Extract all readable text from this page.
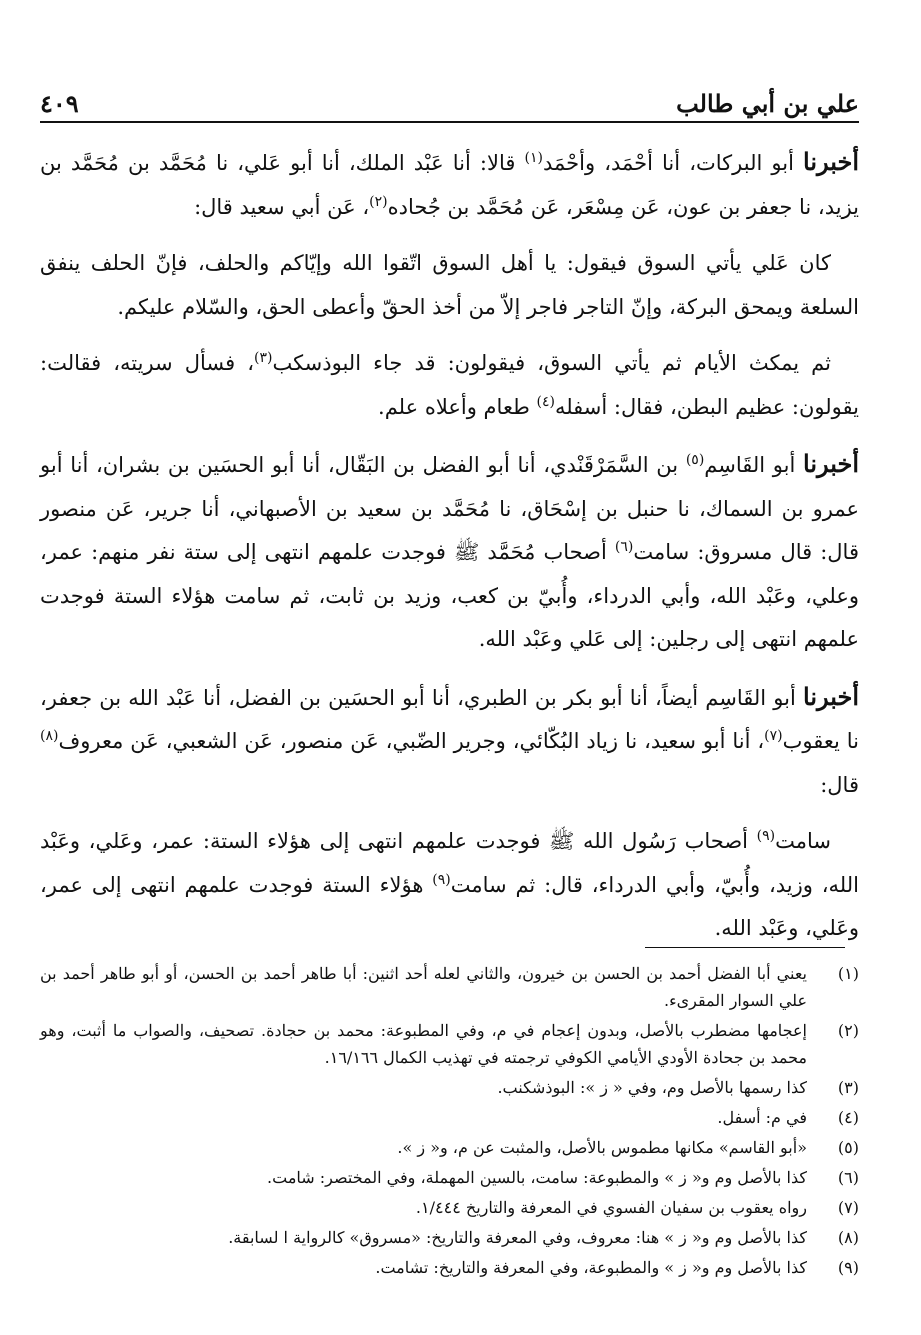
٤٠٩	علي بن أبي طالب

أخبرنا أبو البركات، أنا أحْمَد، وأحْمَد$^{(١)}$ قالا: أنا عَبْد الملك، أنا أبو عَلي، نا مُحَمَّد بن مُحَمَّد بن يزيد، نا جعفر بن عون، عَن مِسْعَر، عَن مُحَمَّد بن جُحاده$^{(٢)}$، عَن أبي سعيد قال:

كان عَلي يأتي السوق فيقول: يا أهل السوق اتّقوا الله وإيّاكم والحلف، فإنّ الحلف ينفق السلعة ويمحق البركة، وإنّ التاجر فاجر إلاّ من أخذ الحقّ وأعطى الحق، والسّلام عليكم.

ثم يمكث الأيام ثم يأتي السوق، فيقولون: قد جاء البوذسكب$^{(٣)}$، فسأل سريته، فقالت: يقولون: عظيم البطن، فقال: أسفله$^{(٤)}$ طعام وأعلاه علم.

أخبرنا أبو القَاسِم$^{(٥)}$ بن السَّمَرْقَنْدي، أنا أبو الفضل بن البَقّال، أنا أبو الحسَين بن بشران، أنا أبو عمرو بن السماك، نا حنبل بن إسْحَاق، نا مُحَمَّد بن سعيد بن الأصبهاني، أنا جرير، عَن منصور قال: قال مسروق: سامت$^{(٦)}$ أصحاب مُحَمَّد ﷺ فوجدت علمهم انتهى إلى ستة نفر منهم: عمر، وعلي، وعَبْد الله، وأبي الدرداء، وأُبيّ بن كعب، وزيد بن ثابت، ثم سامت هؤلاء الستة فوجدت علمهم انتهى إلى رجلين: إلى عَلي وعَبْد الله.

أخبرنا أبو القَاسِم أيضاً، أنا أبو بكر بن الطبري، أنا أبو الحسَين بن الفضل، أنا عَبْد الله بن جعفر، نا يعقوب$^{(٧)}$، أنا أبو سعيد، نا زياد البُكّائي، وجرير الضّبي، عَن منصور، عَن الشعبي، عَن معروف$^{(٨)}$ قال:

سامت$^{(٩)}$ أصحاب رَسُول الله ﷺ فوجدت علمهم انتهى إلى هؤلاء الستة: عمر، وعَلي، وعَبْد الله، وزيد، وأُبيّ، وأبي الدرداء، قال: ثم سامت$^{(٩)}$ هؤلاء الستة فوجدت علمهم انتهى إلى عمر، وعَلي، وعَبْد الله.

(١)
يعني أبا الفضل أحمد بن الحسن بن خيرون، والثاني لعله أحد اثنين: أبا طاهر أحمد بن الحسن، أو أبو طاهر أحمد بن علي السوار المقرىء.
(٢)
إعجامها مضطرب بالأصل، وبدون إعجام في م، وفي المطبوعة: محمد بن حجادة. تصحيف، والصواب ما أثبت، وهو محمد بن جحادة الأودي الأيامي الكوفي ترجمته في تهذيب الكمال ١٦/١٦٦.
(٣)
كذا رسمها بالأصل وم، وفي « ز »: البوذشكنب.
(٤)
في م: أسفل.
(٥)
«أبو القاسم» مكانها مطموس بالأصل، والمثبت عن م، و« ز ».
(٦)
كذا بالأصل وم و« ز » والمطبوعة: سامت، بالسين المهملة، وفي المختصر: شامت.
(٧)
رواه يعقوب بن سفيان الفسوي في المعرفة والتاريخ ١/٤٤٤.
(٨)
كذا بالأصل وم و« ز » هنا: معروف، وفي المعرفة والتاريخ: «مسروق» كالرواية ا لسابقة.
(٩)
كذا بالأصل وم و« ز » والمطبوعة، وفي المعرفة والتاريخ: تشامت.
